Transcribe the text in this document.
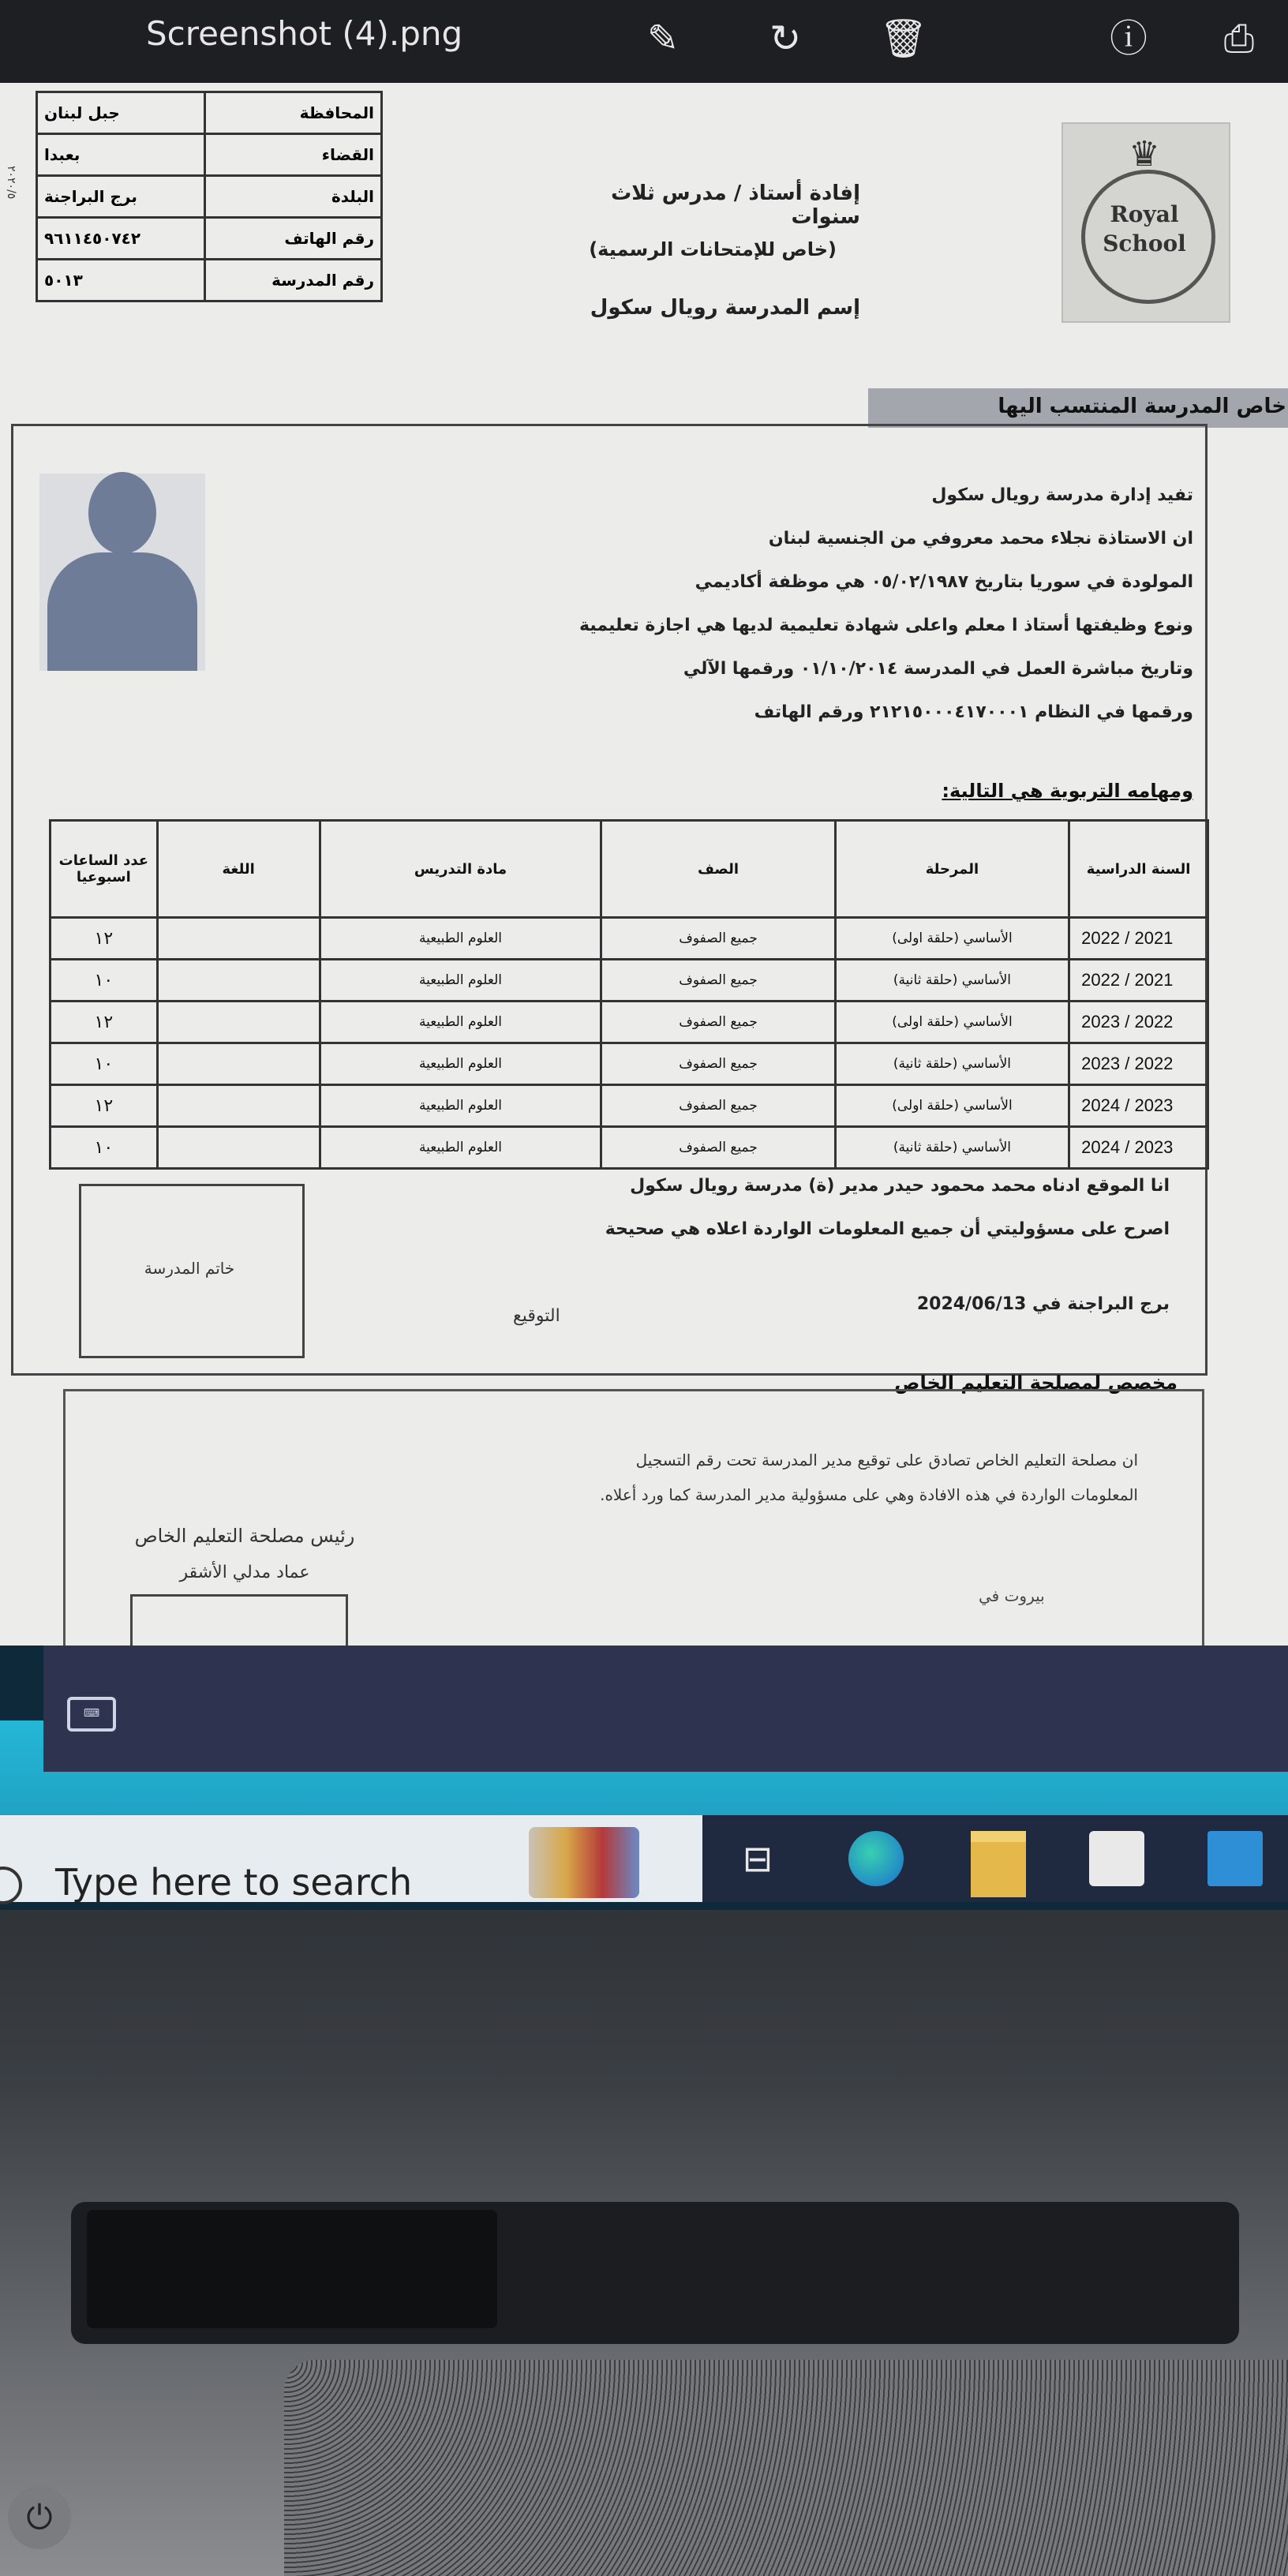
⏻
Screenshot (4).png	✎	↻	🗑	ⓘ	⎙
جبل لبنان	المحافظة
بعبدا	القضاء
برج البراجنة	البلدة
٩٦١١٤٥٠٧٤٢	رقم الهاتف
٥٠١٣	رقم المدرسة
٢٠٢٠/٥	إفادة أستاذ / مدرس ثلاث سنوات
(خاص للإمتحانات الرسمية)
إسم المدرسة رويال سكول
♛
Royal
School
خاص المدرسة المنتسب اليها
تفيد إدارة مدرسة رويال سكول
ان الاستاذة نجلاء محمد معروفي من الجنسية لبنان
المولودة في سوريا بتاريخ ٠٥/٠٢/١٩٨٧ هي موظفة أكاديمي
ونوع وظيفتها أستاذ ا معلم واعلى شهادة تعليمية لديها هي اجازة تعليمية
وتاريخ مباشرة العمل في المدرسة ٠١/١٠/٢٠١٤ ورقمها الآلي
ورقمها في النظام ٢١٢١٥٠٠٠٤١٧٠٠٠١ ورقم الهاتف
ومهامه التربوية هي التالية:
السنة الدراسية	المرحلة	الصف	مادة التدريس	اللغة	عدد الساعات اسبوعيا
2021 / 2022	الأساسي (حلقة اولى)	جميع الصفوف	العلوم الطبيعية		١٢
2021 / 2022	الأساسي (حلقة ثانية)	جميع الصفوف	العلوم الطبيعية		١٠
2022 / 2023	الأساسي (حلقة اولى)	جميع الصفوف	العلوم الطبيعية		١٢
2022 / 2023	الأساسي (حلقة ثانية)	جميع الصفوف	العلوم الطبيعية		١٠
2023 / 2024	الأساسي (حلقة اولى)	جميع الصفوف	العلوم الطبيعية		١٢
2023 / 2024	الأساسي (حلقة ثانية)	جميع الصفوف	العلوم الطبيعية		١٠
انا الموقع ادناه محمد محمود حيدر مدير (ة) مدرسة رويال سكول
اصرح على مسؤوليتي أن جميع المعلومات الواردة اعلاه هي صحيحة
برج البراجنة في 2024/06/13
خاتم المدرسة
التوقيع
مخصص لمصلحة التعليم الخاص
ان مصلحة التعليم الخاص تصادق على توقيع مدير المدرسة تحت رقم التسجيل
المعلومات الواردة في هذه الافادة وهي على مسؤولية مدير المدرسة كما ورد أعلاه.
رئيس مصلحة التعليم الخاص
عماد مدلي الأشقر
بيروت في
⌨
Type here to search
⊟
